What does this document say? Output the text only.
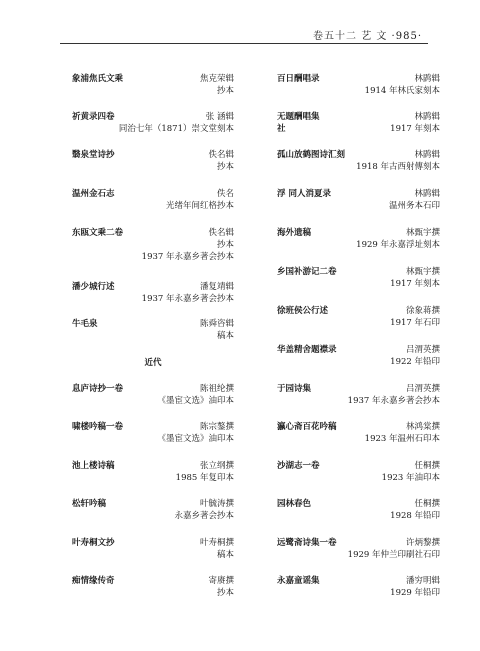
卷五十二 艺 文 ·985·
象浦焦氏文乘	焦克荣辑
抄本
祈黄录四卷	张 涵辑
同治七年（1871）崇文堂刻本
翳泉堂诗抄	佚名辑
抄本
温州金石志	佚名
光绪年间红格抄本
东瓯文乘二卷	佚名辑
抄本
1937 年永嘉乡著会抄本
潘少城行述	潘复靖辑
1937 年永嘉乡著会抄本
牛毛泉	陈舜咨辑
稿本
近代
息庐诗抄一卷	陈祖纶撰
《墨宦文选》油印本
啸楼吟稿一卷	陈宗鏊撰
《墨宦文选》油印本
池上楼诗稿	张立纲撰
1985 年复印本
松轩吟稿	叶毓涛撰
永嘉乡著会抄本
叶寿桐文抄	叶寿桐撰
稿本
痴情缘传奇	寄赓撰
抄本
百日酬唱录	林鹍辑
1914 年林氏家刻本
无题酬唱集	林鹍辑
社	1917 年刻本
孤山放鹤图诗汇刻	林鹍辑
1918 年古西射傳刻本
浮 同人消夏录	林鹍辑
温州务本石印
海外遗稿	林甄宇撰
1929 年永嘉浮址刻本
乡国补游记二卷	林甄宇撰
1917 年刻本
徐班侯公行述	徐象蒋撰
1917 年石印
华盖精舍题襟录	吕渭英撰
1922 年铅印
于园诗集	吕渭英撰
1937 年永嘉乡著会抄本
瀛心斋百花吟稿	林鸿棠撰
1923 年温州石印本
沙湖志一卷	任桐撰
1923 年油印本
园林春色	任桐撰
1928 年铅印
远鹭斋诗集一卷	许炳黎撰
1929 年仲兰印刷社石印
永嘉童谣集	潘穷明辑
1929 年铅印
